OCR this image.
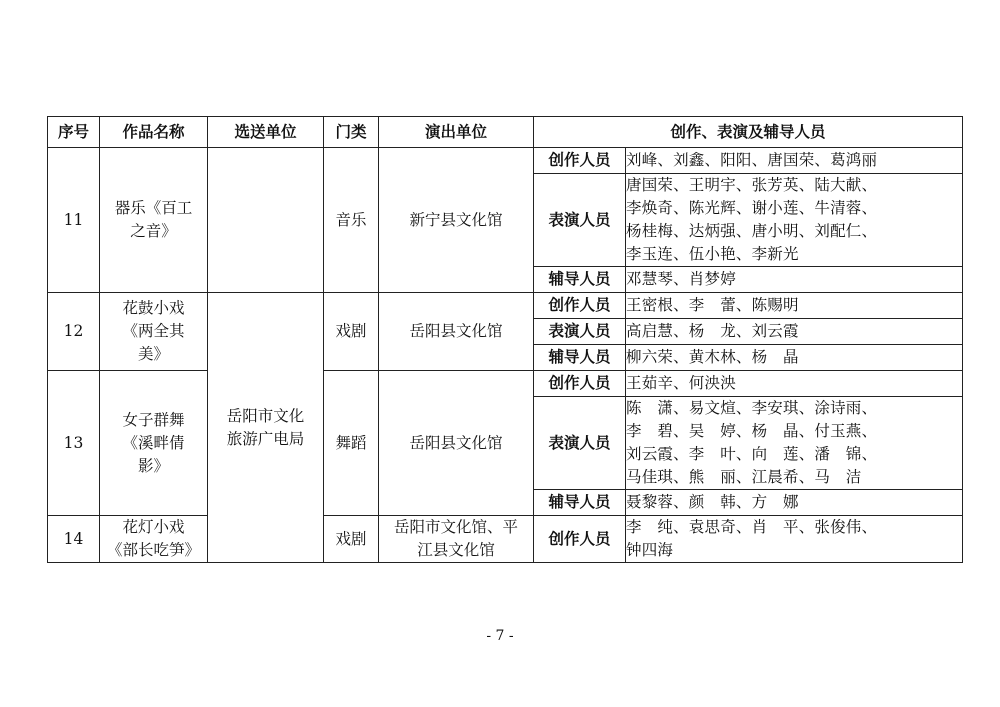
序号	作品名称	选送单位	门类	演出单位	创作、表演及辅导人员	
11	器乐《百工
之音》		音乐	新宁县文化馆	创作人员	刘峰、刘鑫、阳阳、唐国荣、葛鸿丽

					表演人员	唐国荣、王明宇、张芳英、陆大献、
李焕奇、陈光辉、谢小莲、牛清蓉、
杨桂梅、达炳强、唐小明、刘配仁、
李玉连、伍小艳、李新光

					辅导人员	邓慧琴、肖梦婷

12	花鼓小戏
《两全其
美》	岳阳市文化
旅游广电局	戏剧	岳阳县文化馆	创作人员	王密根、李　蕾、陈赐明

					表演人员	高启慧、杨　龙、刘云霞

					辅导人员	柳六荣、黄木林、杨　晶

13	女子群舞
《溪畔倩
影》		舞蹈	岳阳县文化馆	创作人员	王茹辛、何泱泱

					表演人员	陈　潇、易文煊、李安琪、涂诗雨、
李　碧、吴　婷、杨　晶、付玉燕、
刘云霞、李　叶、向　莲、潘　锦、
马佳琪、熊　丽、江晨希、马　洁

					辅导人员	聂黎蓉、颜　韩、方　娜

14	花灯小戏
《部长吃笋》		戏剧	岳阳市文化馆、平
江县文化馆	创作人员	李　纯、袁思奇、肖　平、张俊伟、
钟四海
- 7 -
